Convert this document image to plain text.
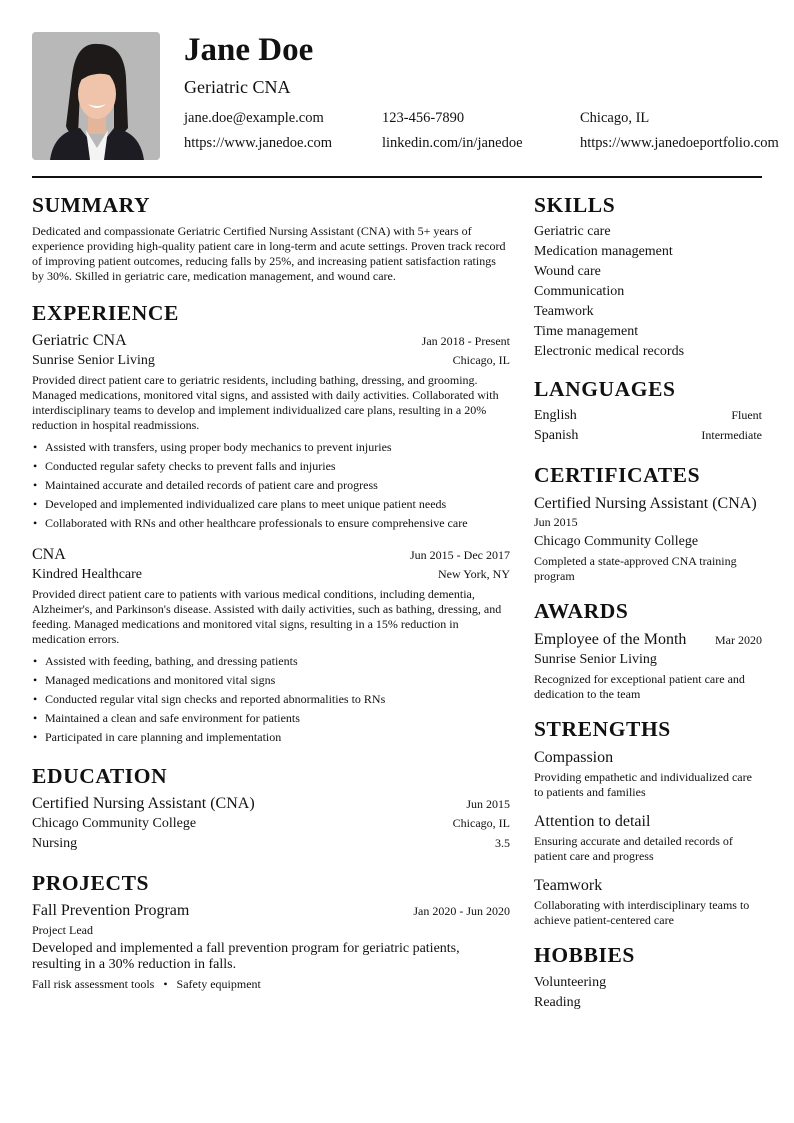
Jane Doe
Geriatric CNA
jane.doe@example.com	123-456-7890	Chicago, IL
https://www.janedoe.com	linkedin.com/in/janedoe	https://www.janedoeportfolio.com
SUMMARY
Dedicated and compassionate Geriatric Certified Nursing Assistant (CNA) with 5+ years of experience providing high-quality patient care in long-term and acute settings. Proven track record of improving patient outcomes, reducing falls by 25%, and increasing patient satisfaction ratings by 30%. Skilled in geriatric care, medication management, and wound care.
EXPERIENCE
Geriatric CNA	Jan 2018 - Present
Sunrise Senior Living	Chicago, IL
Provided direct patient care to geriatric residents, including bathing, dressing, and grooming. Managed medications, monitored vital signs, and assisted with daily activities. Collaborated with interdisciplinary teams to develop and implement individualized care plans, resulting in a 20% reduction in hospital readmissions.
• Assisted with transfers, using proper body mechanics to prevent injuries
• Conducted regular safety checks to prevent falls and injuries
• Maintained accurate and detailed records of patient care and progress
• Developed and implemented individualized care plans to meet unique patient needs
• Collaborated with RNs and other healthcare professionals to ensure comprehensive care
CNA	Jun 2015 - Dec 2017
Kindred Healthcare	New York, NY
Provided direct patient care to patients with various medical conditions, including dementia, Alzheimer's, and Parkinson's disease. Assisted with daily activities, such as bathing, dressing, and feeding. Managed medications and monitored vital signs, resulting in a 15% reduction in medication errors.
• Assisted with feeding, bathing, and dressing patients
• Managed medications and monitored vital signs
• Conducted regular vital sign checks and reported abnormalities to RNs
• Maintained a clean and safe environment for patients
• Participated in care planning and implementation
EDUCATION
Certified Nursing Assistant (CNA)	Jun 2015
Chicago Community College	Chicago, IL
Nursing	3.5
PROJECTS
Fall Prevention Program	Jan 2020 - Jun 2020
Project Lead
Developed and implemented a fall prevention program for geriatric patients, resulting in a 30% reduction in falls.
Fall risk assessment tools • Safety equipment
SKILLS
Geriatric care
Medication management
Wound care
Communication
Teamwork
Time management
Electronic medical records
LANGUAGES
English	Fluent
Spanish	Intermediate
CERTIFICATES
Certified Nursing Assistant (CNA)
Jun 2015
Chicago Community College
Completed a state-approved CNA training program
AWARDS
Employee of the Month Mar 2020
Sunrise Senior Living
Recognized for exceptional patient care and dedication to the team
STRENGTHS
Compassion
Providing empathetic and individualized care to patients and families
Attention to detail
Ensuring accurate and detailed records of patient care and progress
Teamwork
Collaborating with interdisciplinary teams to achieve patient-centered care
HOBBIES
Volunteering
Reading
